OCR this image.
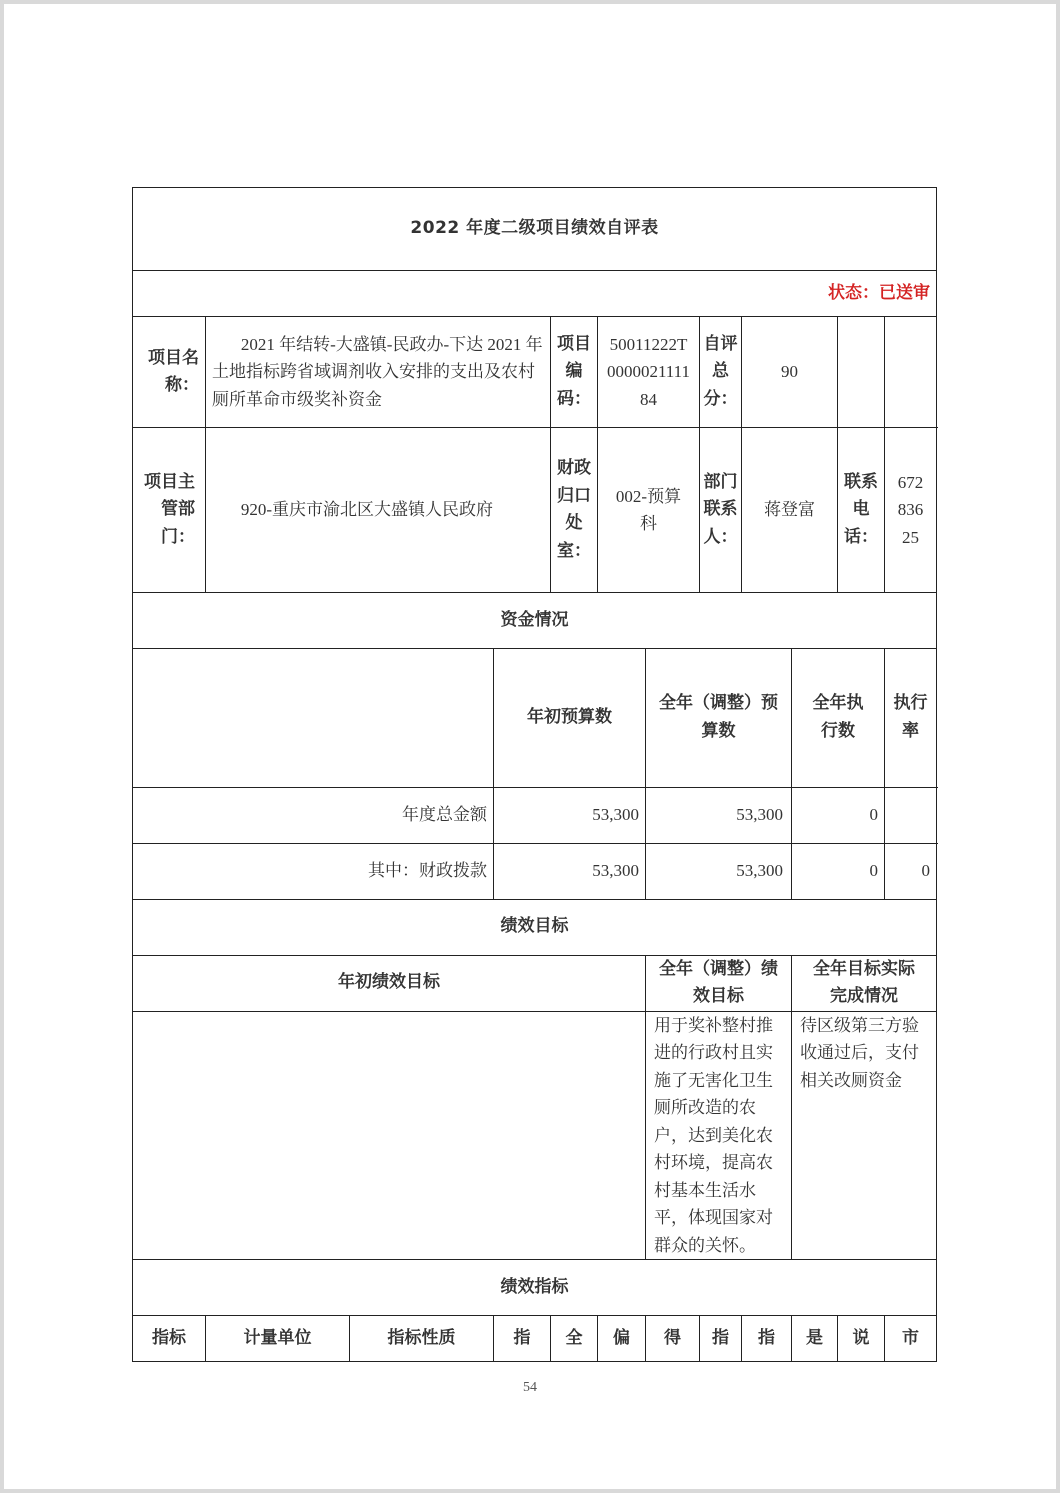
2022 年度二级项目绩效自评表												
状态：已送审												
项目名称：	2021 年结转-大盛镇-民政办-下达 2021 年土地指标跨省域调剂收入安排的支出及农村厕所革命市级奖补资金			项目编码：	50011222T000002111184		自评总分：	90				
项目主管部门：	920-重庆市渝北区大盛镇人民政府			财政归口处室：	002-预算科		部门联系人：	蒋登富		联系电话：	67283625	
资金情况												
			年初预算数			全年（调整）预算数			全年执行数		执行率		
年度总金额			53,300			53,300			0			
其中：财政拨款			53,300			53,300			0		0		
绩效目标												
年初绩效目标						全年（调整）绩效目标			全年目标实际完成情况			
						用于奖补整村推进的行政村且实施了无害化卫生厕所改造的农户，达到美化农村环境，提高农村基本生活水平，体现国家对群众的关怀。			待区级第三方验收通过后，支付相关改厕资金			
绩效指标												
指标	计量单位	指标性质	指	全	偏	得	指	指	是	说	市	
54
